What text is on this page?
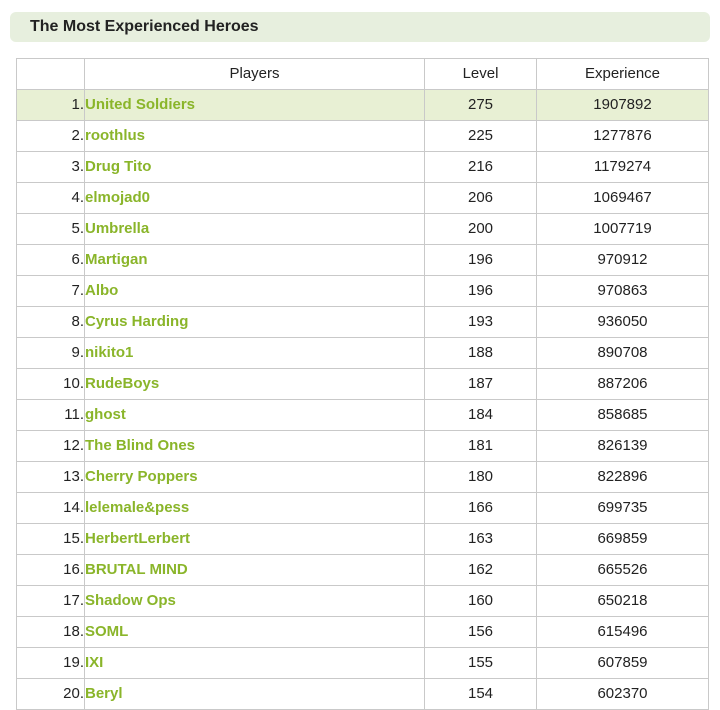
The Most Experienced Heroes
	Players	Level	Experience
1.	United Soldiers	275	1907892
2.	roothlus	225	1277876
3.	Drug Tito	216	1179274
4.	elmojad0	206	1069467
5.	Umbrella	200	1007719
6.	Martigan	196	970912
7.	Albo	196	970863
8.	Cyrus Harding	193	936050
9.	nikito1	188	890708
10.	RudeBoys	187	887206
11.	ghost	184	858685
12.	The Blind Ones	181	826139
13.	Cherry Poppers	180	822896
14.	lelemale&pess	166	699735
15.	HerbertLerbert	163	669859
16.	BRUTAL MIND	162	665526
17.	Shadow Ops	160	650218
18.	SOML	156	615496
19.	IXI	155	607859
20.	Beryl	154	602370
